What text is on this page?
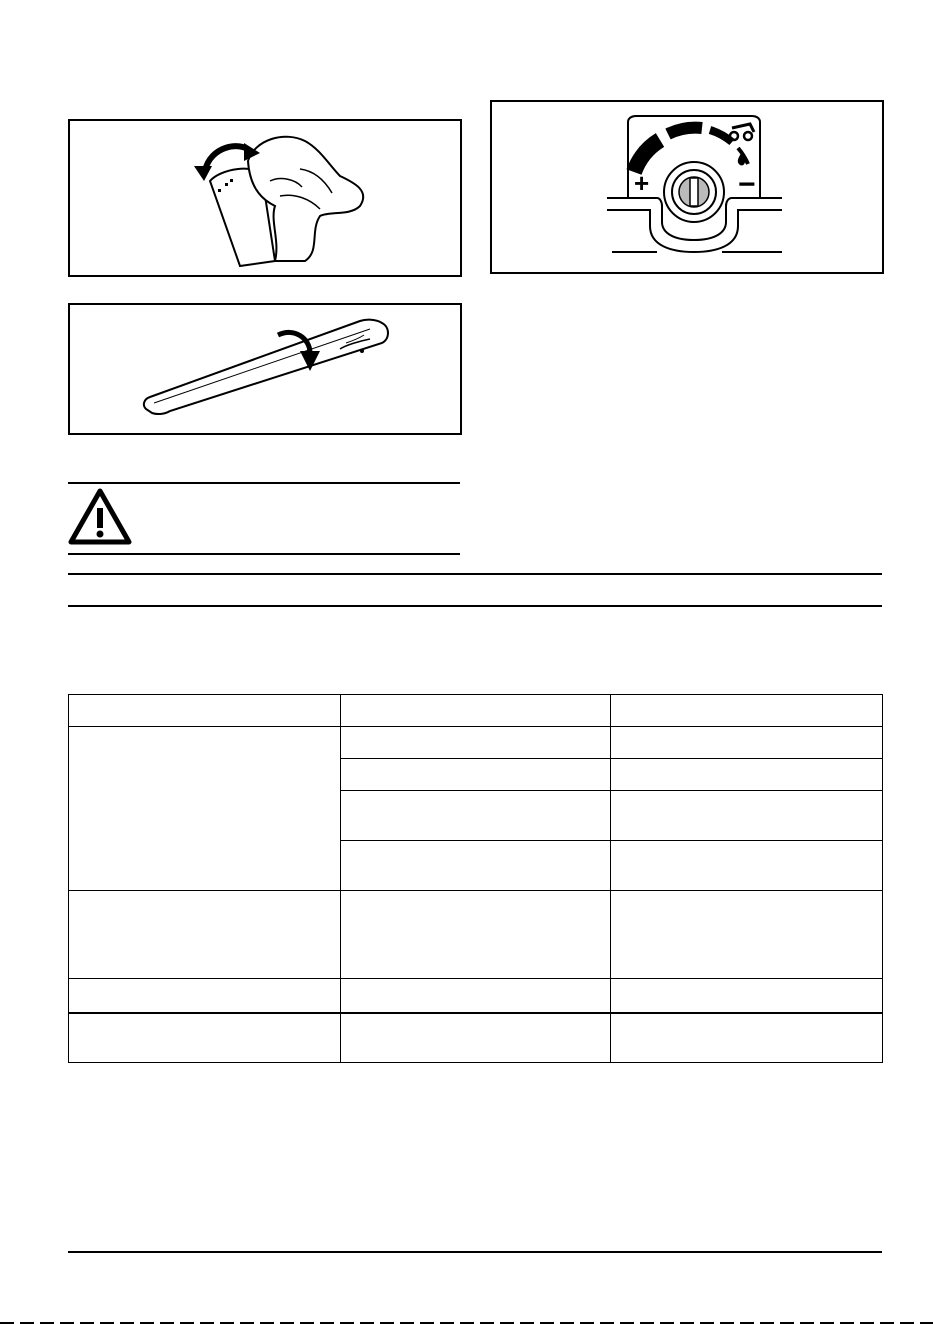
+	−
